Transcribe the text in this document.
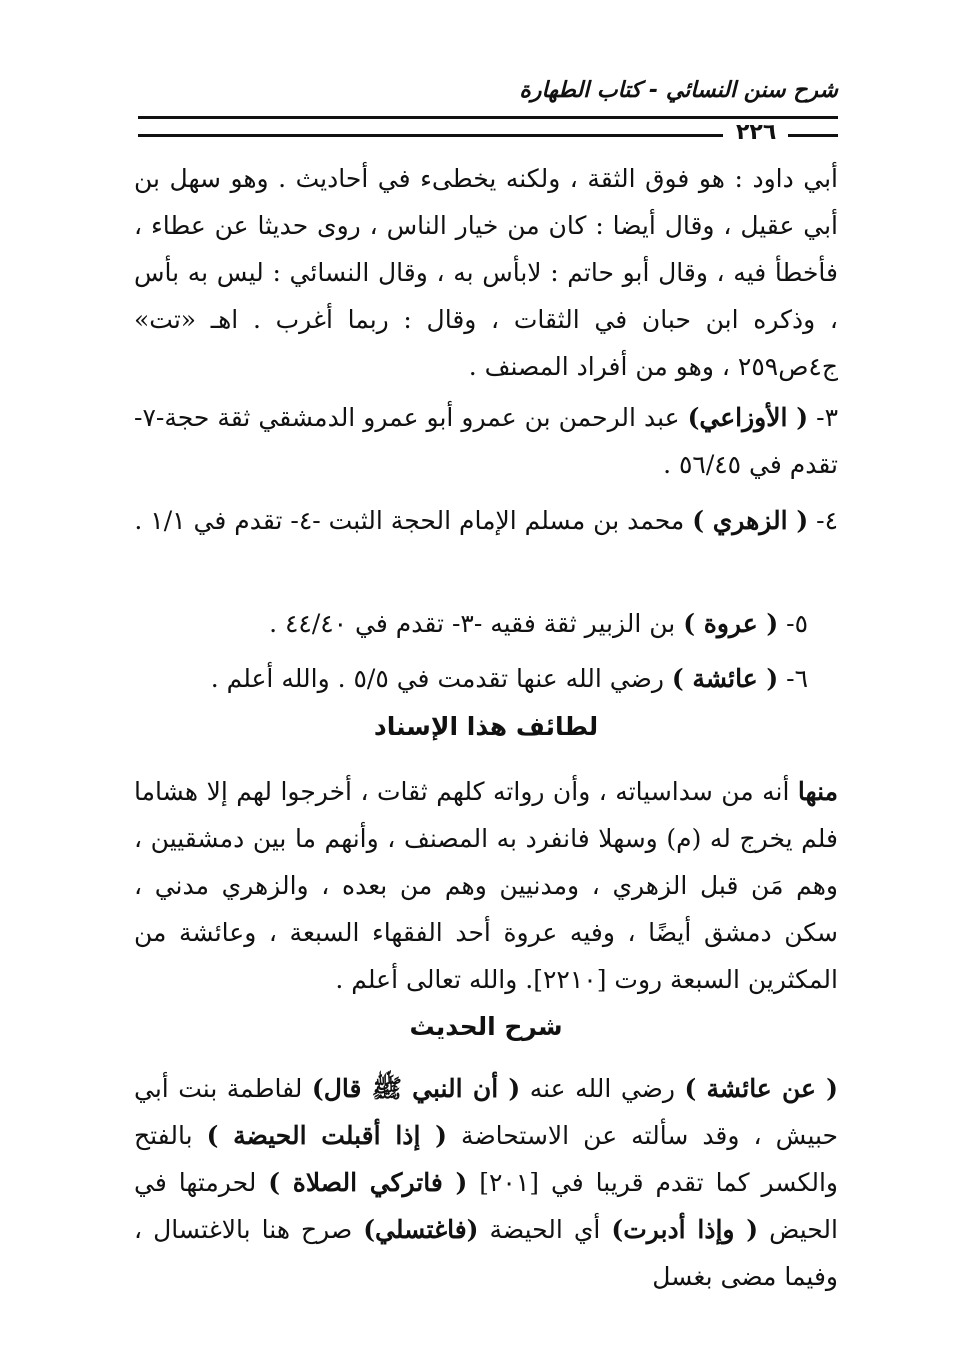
شرح سنن النسائي - كتاب الطهارة
٢٢٦

أبي داود : هو فوق الثقة ، ولكنه يخطىء في أحاديث . وهو سهل بن أبي عقيل ، وقال أيضا : كان من خيار الناس ، روى حديثا عن عطاء ، فأخطأ فيه ، وقال أبو حاتم : لابأس به ، وقال النسائي : ليس به بأس ، وذكره ابن حبان في الثقات ، وقال : ربما أغرب . اهـ «تت» ج٤ص٢٥٩ ، وهو من أفراد المصنف .

٣- ( الأوزاعي) عبد الرحمن بن عمرو أبو عمرو الدمشقي ثقة حجة-٧- تقدم في ٥٦/٤٥ .

٤- ( الزهري ) محمد بن مسلم الإمام الحجة الثبت -٤- تقدم في ١/١ .

٥- ( عروة ) بن الزبير ثقة فقيه -٣- تقدم في ٤٤/٤٠ .

٦- ( عائشة ) رضي الله عنها تقدمت في ٥/٥ . والله أعلم .

لطائف هذا الإسناد

منها أنه من سداسياته ، وأن رواته كلهم ثقات ، أخرجوا لهم إلا هشاما فلم يخرج له (م) وسهلا فانفرد به المصنف ، وأنهم ما بين دمشقيين ، وهم مَن قبل الزهري ، ومدنيين وهم من بعده ، والزهري مدني ، سكن دمشق أيضًا ، وفيه عروة أحد الفقهاء السبعة ، وعائشة من المكثرين السبعة روت [٢٢١٠]. والله تعالى أعلم .

شرح الحديث

( عن عائشة ) رضي الله عنه ( أن النبي ﷺ قال) لفاطمة بنت أبي حبيش ، وقد سألته عن الاستحاضة ( إذا أقبلت الحيضة ) بالفتح والكسر كما تقدم قريبا في [٢٠١] ( فاتركي الصلاة ) لحرمتها في الحيض ( وإذا أدبرت) أي الحيضة (فاغتسلي) صرح هنا بالاغتسال ، وفيما مضى بغسل
